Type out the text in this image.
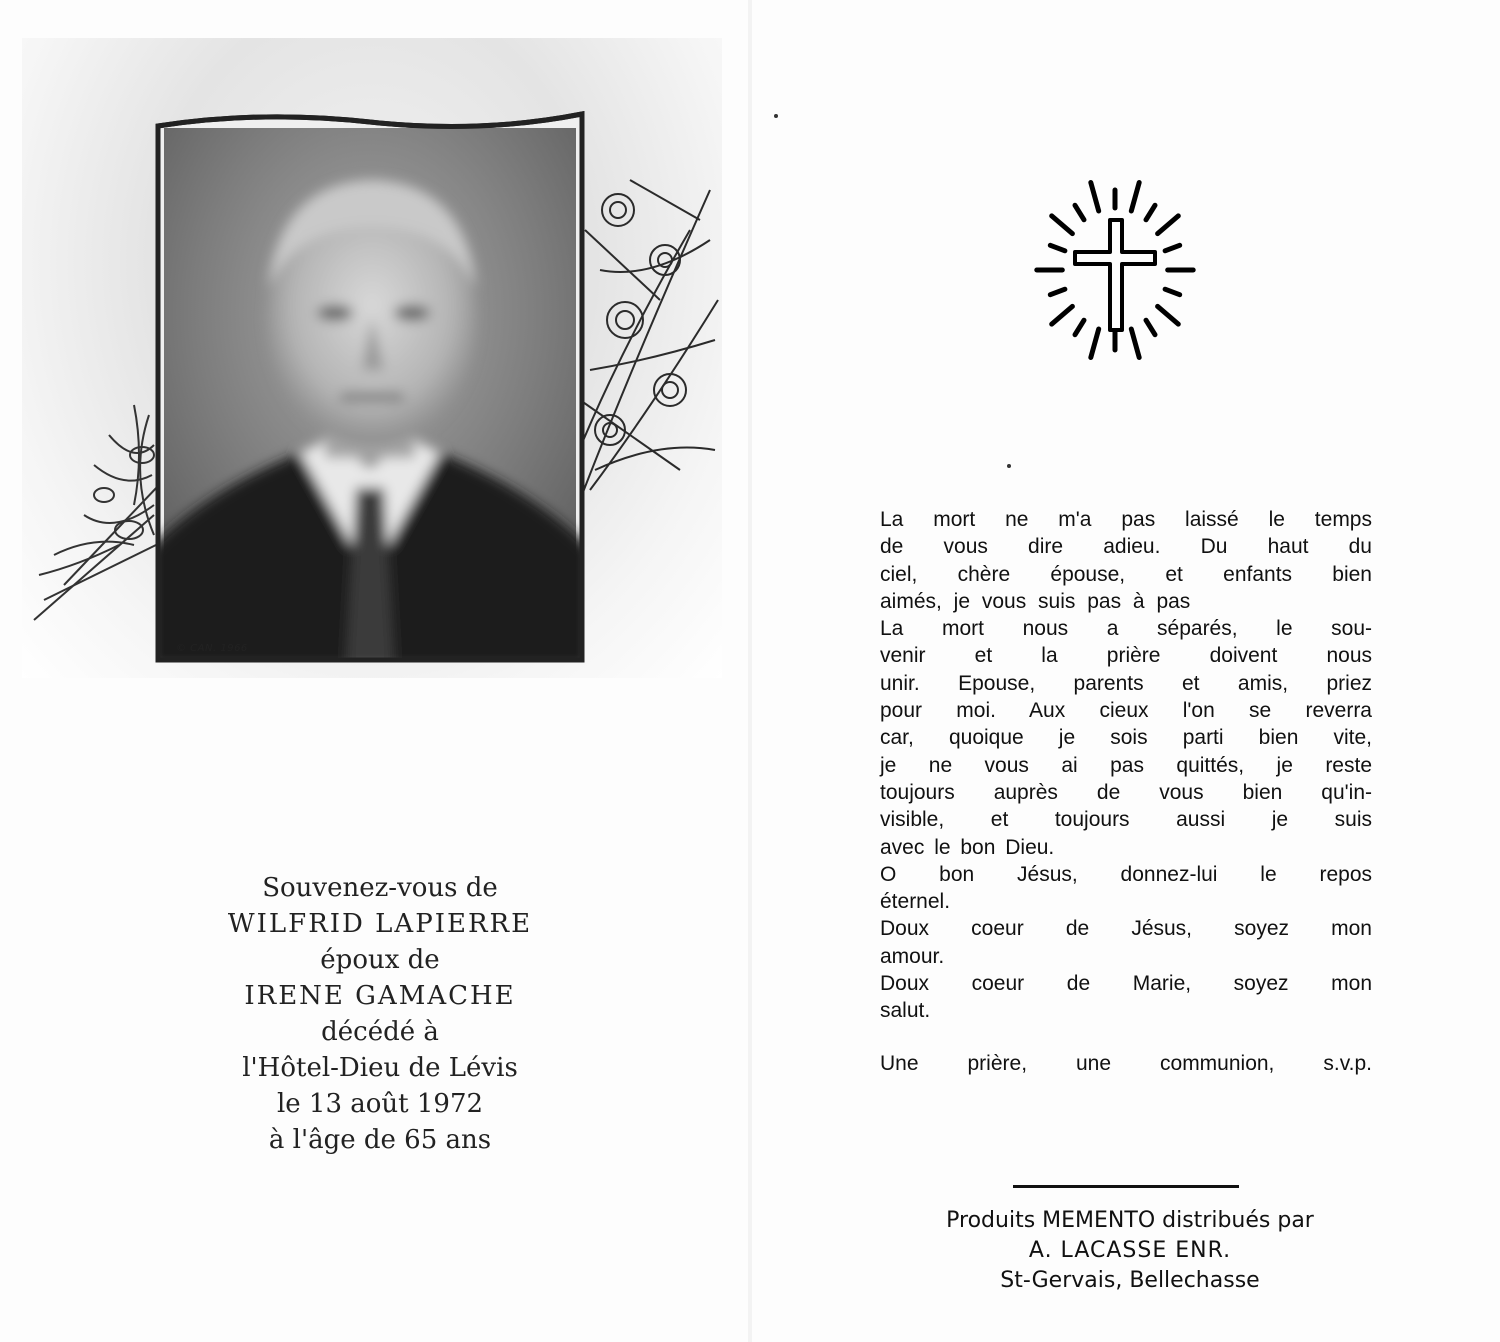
© CAN. 1966
Souvenez-vous de
WILFRID LAPIERRE
époux de
IRENE GAMACHE
décédé à
l'Hôtel-Dieu de Lévis
le 13 août 1972
à l'âge de 65 ans
La mort ne m'a pas laissé le temps
de vous dire adieu. Du haut du
ciel, chère épouse, et enfants bien
aimés, je vous suis pas à pas
La mort nous a séparés, le sou-
venir et la prière doivent nous
unir. Epouse, parents et amis, priez
pour moi. Aux cieux l'on se reverra
car, quoique je sois parti bien vite,
je ne vous ai pas quittés, je reste
toujours auprès de vous bien qu'in-
visible, et toujours aussi je suis
avec le bon Dieu.
O bon Jésus, donnez-lui le repos
éternel.
Doux coeur de Jésus, soyez mon
amour.
Doux coeur de Marie, soyez mon
salut.
Une prière, une communion, s.v.p.
Produits MEMENTO distribués par
A. LACASSE ENR.
St-Gervais, Bellechasse
